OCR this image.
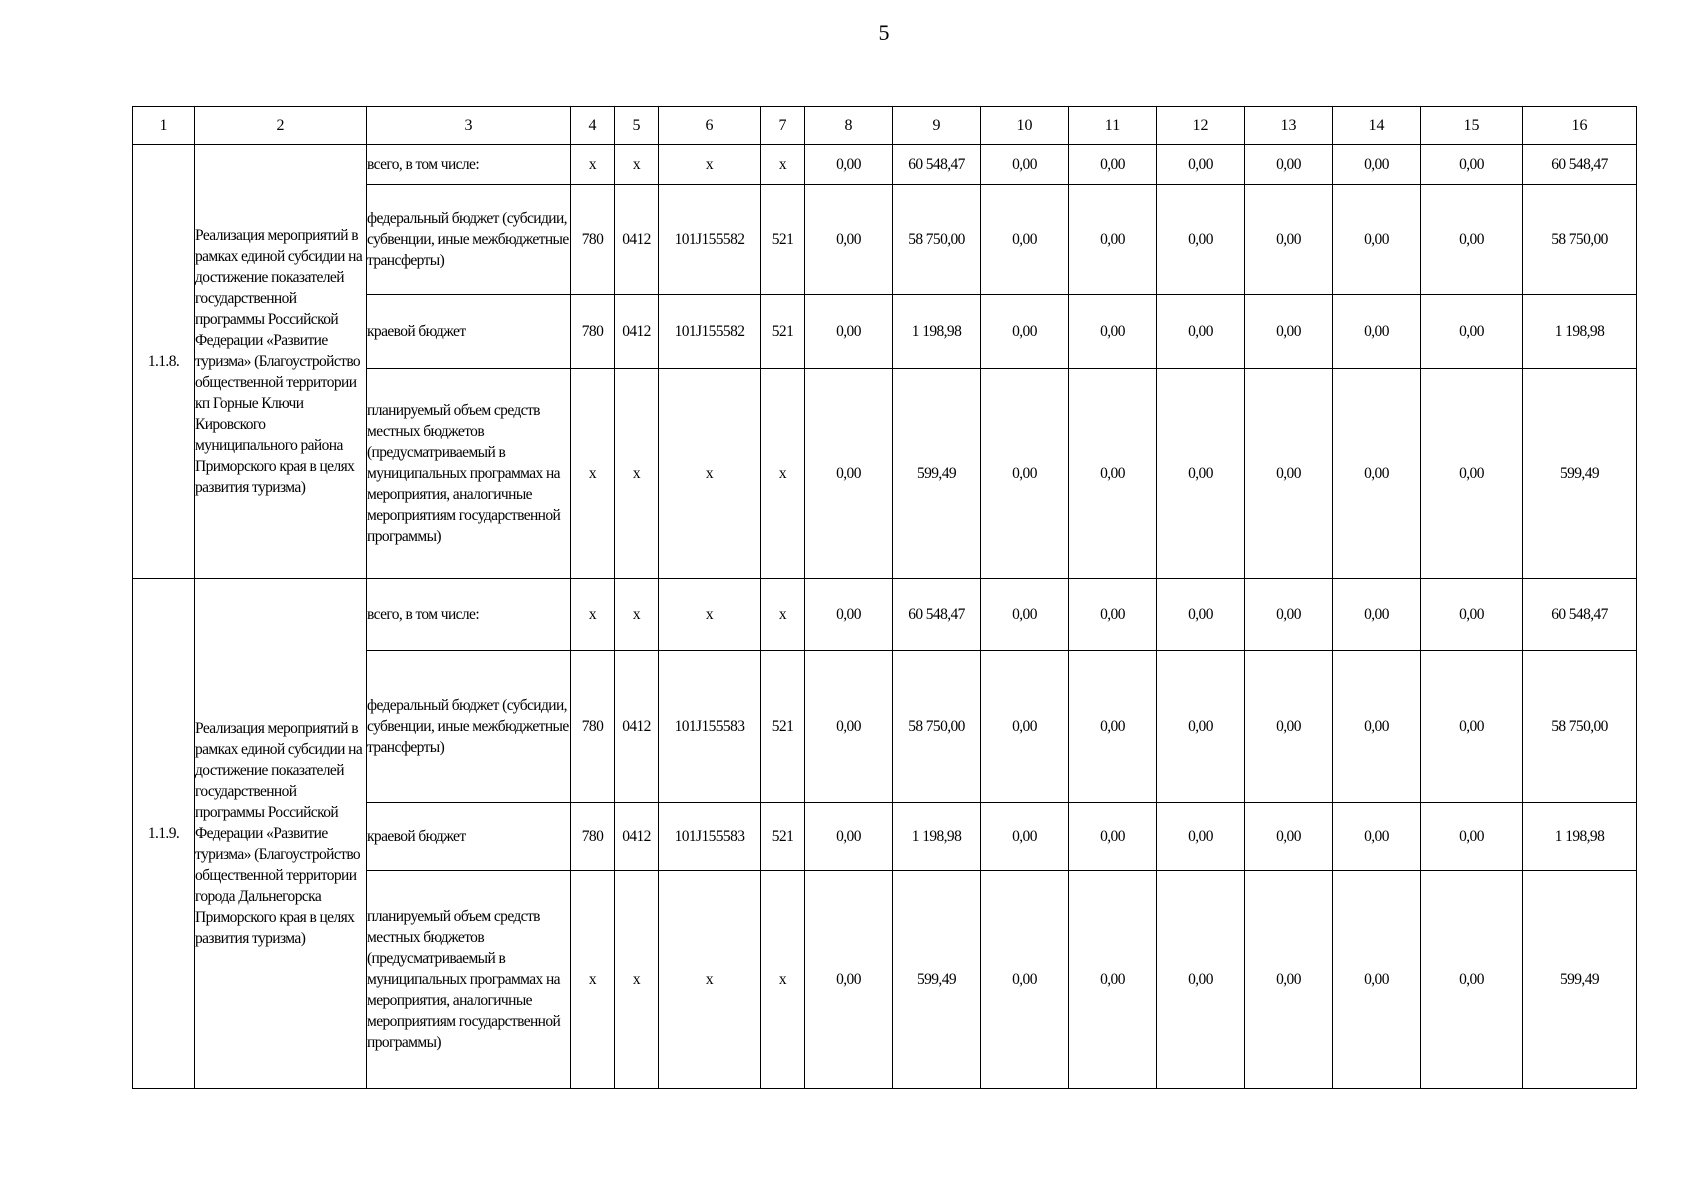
5
1	2	3	4	5	6	7	8	9	10	11	12	13	14	15	16
1.1.8.	Реализация мероприятий в рамках единой субсидии на достижение показателей государственной программы Российской Федерации «Развитие туризма» (Благоустройство общественной территории кп Горные Ключи Кировского муниципального района Приморского края в целях развития туризма)	всего, в том числе:	х	х	х	х	0,00	60 548,47	0,00	0,00	0,00	0,00	0,00	0,00	60 548,47
		федеральный бюджет (субсидии, субвенции, иные межбюджетные трансферты)	780	0412	101J155582	521	0,00	58 750,00	0,00	0,00	0,00	0,00	0,00	0,00	58 750,00
		краевой бюджет	780	0412	101J155582	521	0,00	1 198,98	0,00	0,00	0,00	0,00	0,00	0,00	1 198,98
		планируемый объем средств местных бюджетов (предусматриваемый в муниципальных программах на мероприятия, аналогичные мероприятиям государственной программы)	х	х	х	х	0,00	599,49	0,00	0,00	0,00	0,00	0,00	0,00	599,49
1.1.9.	Реализация мероприятий в рамках единой субсидии на достижение показателей государственной программы Российской Федерации «Развитие туризма» (Благоустройство общественной территории города Дальнегорска Приморского края в целях развития туризма)	всего, в том числе:	х	х	х	х	0,00	60 548,47	0,00	0,00	0,00	0,00	0,00	0,00	60 548,47
		федеральный бюджет (субсидии, субвенции, иные межбюджетные трансферты)	780	0412	101J155583	521	0,00	58 750,00	0,00	0,00	0,00	0,00	0,00	0,00	58 750,00
		краевой бюджет	780	0412	101J155583	521	0,00	1 198,98	0,00	0,00	0,00	0,00	0,00	0,00	1 198,98
		планируемый объем средств местных бюджетов (предусматриваемый в муниципальных программах на мероприятия, аналогичные мероприятиям государственной программы)	х	х	х	х	0,00	599,49	0,00	0,00	0,00	0,00	0,00	0,00	599,49
